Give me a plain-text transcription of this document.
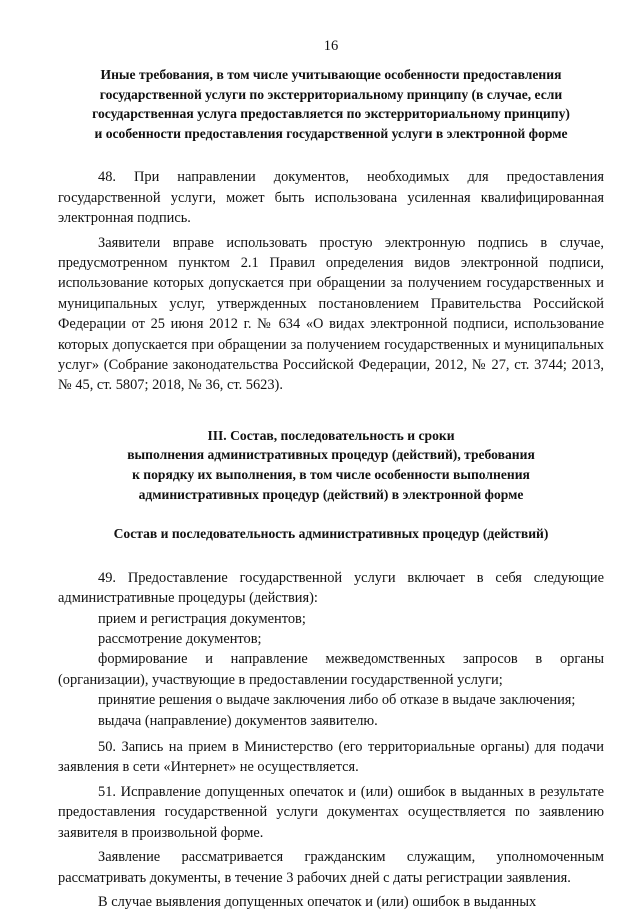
16
Иные требования, в том числе учитывающие особенности предоставления
государственной услуги по экстерриториальному принципу (в случае, если
государственная услуга предоставляется по экстерриториальному принципу)
и особенности предоставления государственной услуги в электронной форме

48. При направлении документов, необходимых для предоставления государственной услуги, может быть использована усиленная квалифицированная электронная подпись.

Заявители вправе использовать простую электронную подпись в случае, предусмотренном пунктом 2.1 Правил определения видов электронной подписи, использование которых допускается при обращении за получением государственных и муниципальных услуг, утвержденных постановлением Правительства Российской Федерации от 25 июня 2012 г. № 634 «О видах электронной подписи, использование которых допускается при обращении за получением государственных и муниципальных услуг» (Собрание законодательства Российской Федерации, 2012, № 27, ст. 3744; 2013, № 45, ст. 5807; 2018, № 36, ст. 5623).

III. Состав, последовательность и сроки
выполнения административных процедур (действий), требования
к порядку их выполнения, в том числе особенности выполнения
административных процедур (действий) в электронной форме
Состав и последовательность административных процедур (действий)

49. Предоставление государственной услуги включает в себя следующие административные процедуры (действия):

прием и регистрация документов;

рассмотрение документов;

формирование и направление межведомственных запросов в органы (организации), участвующие в предоставлении государственной услуги;

принятие решения о выдаче заключения либо об отказе в выдаче заключения;

выдача (направление) документов заявителю.

50. Запись на прием в Министерство (его территориальные органы) для подачи заявления в сети «Интернет» не осуществляется.

51. Исправление допущенных опечаток и (или) ошибок в выданных в результате предоставления государственной услуги документах осуществляется по заявлению заявителя в произвольной форме.

Заявление рассматривается гражданским служащим, уполномоченным рассматривать документы, в течение 3 рабочих дней с даты регистрации заявления.

В случае выявления допущенных опечаток и (или) ошибок в выданных
